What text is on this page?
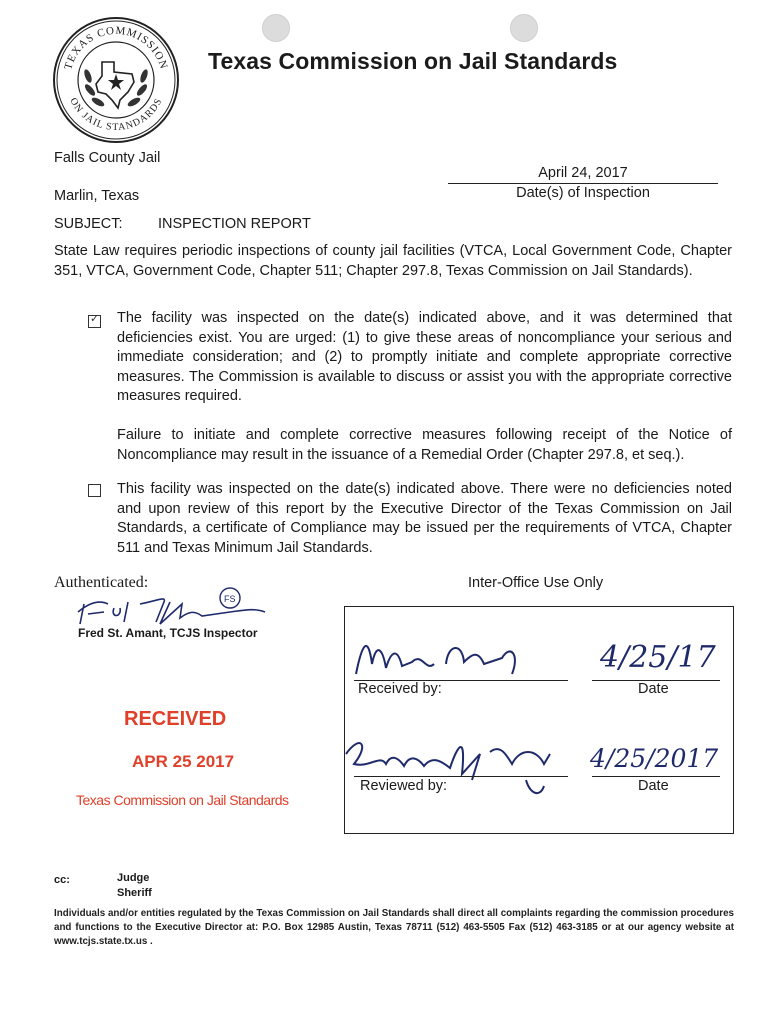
TEXAS COMMISSION
ON JAIL STANDARDS
Texas Commission on Jail Standards
Falls County Jail
Marlin, Texas
April 24, 2017
Date(s) of Inspection
SUBJECT: INSPECTION REPORT
State Law requires periodic inspections of county jail facilities (VTCA, Local Government Code, Chapter 351, VTCA, Government Code, Chapter 511; Chapter 297.8, Texas Commission on Jail Standards).
✓ The facility was inspected on the date(s) indicated above, and it was determined that deficiencies exist. You are urged: (1) to give these areas of noncompliance your serious and immediate consideration; and (2) to promptly initiate and complete appropriate corrective measures. The Commission is available to discuss or assist you with the appropriate corrective measures required.
Failure to initiate and complete corrective measures following receipt of the Notice of Noncompliance may result in the issuance of a Remedial Order (Chapter 297.8, et seq.).
This facility was inspected on the date(s) indicated above. There were no deficiencies noted and upon review of this report by the Executive Director of the Texas Commission on Jail Standards, a certificate of Compliance may be issued per the requirements of VTCA, Chapter 511 and Texas Minimum Jail Standards.
Authenticated:
FS
Fred St. Amant, TCJS Inspector
RECEIVED
APR 25 2017
Texas Commission on Jail Standards
Inter-Office Use Only
Received by:
4/25/17
Date
Reviewed by:
4/25/2017
Date
cc:	Judge
Sheriff
Individuals and/or entities regulated by the Texas Commission on Jail Standards shall direct all complaints regarding the commission procedures and functions to the Executive Director at: P.O. Box 12985 Austin, Texas 78711 (512) 463-5505 Fax (512) 463-3185 or at our agency website at www.tcjs.state.tx.us .
